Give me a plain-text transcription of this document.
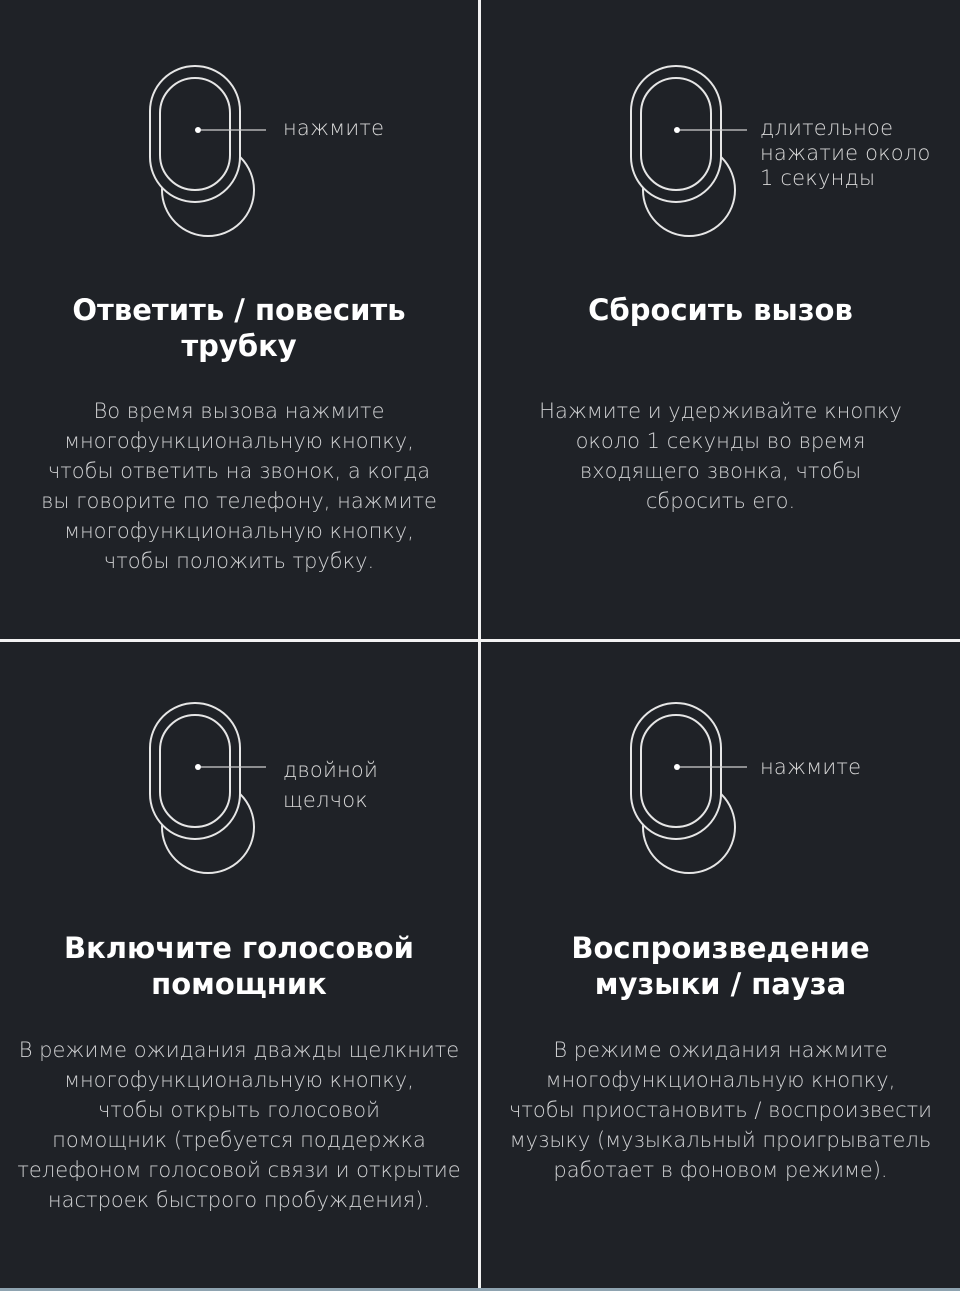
нажмите
Ответить / повесить
трубку

Во время вызова нажмите
многофункциональную кнопку,
чтобы ответить на звонок, а когда
вы говорите по телефону, нажмите
многофункциональную кнопку,
чтобы положить трубку.

длительное
нажатие около
1 секунды
Сбросить вызов

Нажмите и удерживайте кнопку
около 1 секунды во время
входящего звонка, чтобы
сбросить его.

двойной
щелчок
Включите голосовой
помощник

В режиме ожидания дважды щелкните
многофункциональную кнопку,
чтобы открыть голосовой
помощник (требуется поддержка
телефоном голосовой связи и открытие
настроек быстрого пробуждения).

нажмите
Воспроизведение
музыки / пауза

В режиме ожидания нажмите
многофункциональную кнопку,
чтобы приостановить / воспроизвести
музыку (музыкальный проигрыватель
работает в фоновом режиме).
